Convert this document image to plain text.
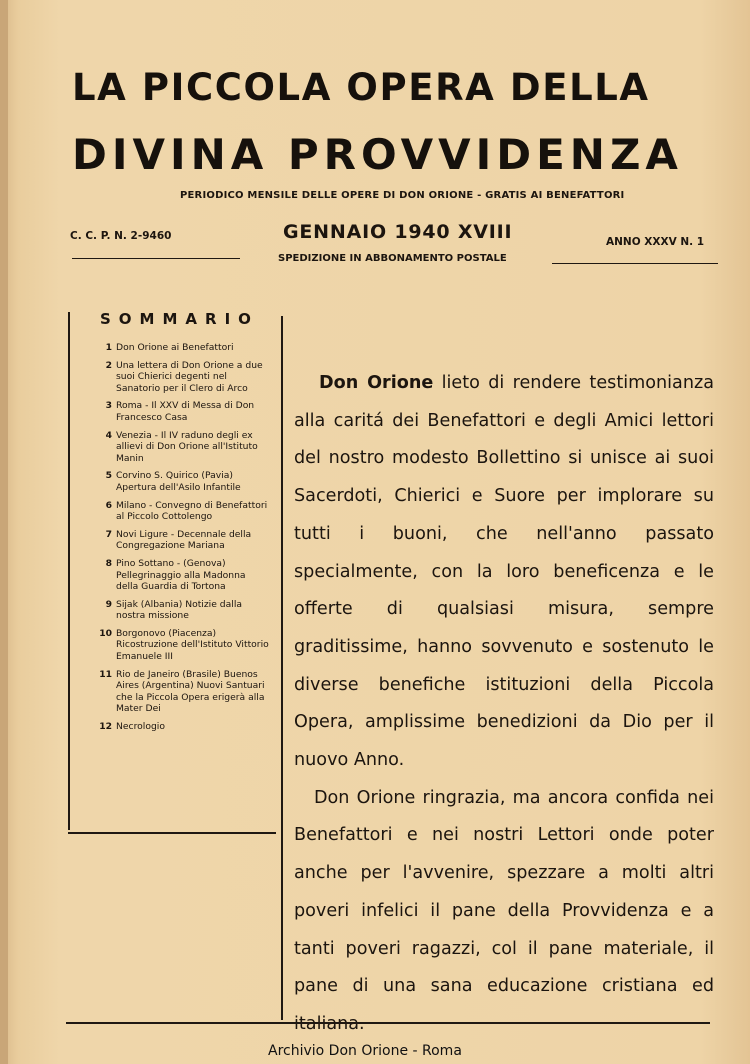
LA PICCOLA OPERA DELLA
DIVINA PROVVIDENZA
PERIODICO MENSILE DELLE OPERE DI DON ORIONE - GRATIS AI BENEFATTORI
C. C. P. N. 2-9460	GENNAIO 1940 XVIII
SPEDIZIONE IN ABBONAMENTO POSTALE
ANNO XXXV N. 1
SOMMARIO
1 Don Orione ai Benefattori
2 Una lettera di Don Orione a due suoi Chierici degenti nel Sanatorio per il Clero di Arco
3 Roma - Il XXV di Messa di Don Francesco Casa
4 Venezia - Il IV raduno degli ex allievi di Don Orione all'Istituto Manin
5 Corvino S. Quirico (Pavia) Apertura dell'Asilo Infantile
6 Milano - Convegno di Benefattori al Piccolo Cottolengo
7 Novi Ligure - Decennale della Congregazione Mariana
8 Pino Sottano - (Genova) Pellegrinaggio alla Madonna della Guardia di Tortona
9 Sijak (Albania) Notizie dalla nostra missione
10 Borgonovo (Piacenza) Ricostruzione dell'Istituto Vittorio Emanuele III
11 Rio de Janeiro (Brasile) Buenos Aires (Argentina) Nuovi Santuari che la Piccola Opera erigerà alla Mater Dei
12 Necrologio

Don Orione lieto di rendere testimonianza alla caritá dei Benefattori e degli Amici lettori del nostro modesto Bollettino si unisce ai suoi Sacerdoti, Chierici e Suore per implorare su tutti i buoni, che nell'anno passato specialmente, con la loro beneficenza e le offerte di qualsiasi misura, sempre graditissime, hanno sovvenuto e sostenuto le diverse benefiche istituzioni della Piccola Opera, amplissime benedizioni da Dio per il nuovo Anno.

Don Orione ringrazia, ma ancora confida nei Benefattori e nei nostri Lettori onde poter anche per l'avvenire, spezzare a molti altri poveri infelici il pane della Provvidenza e a tanti poveri ragazzi, col il pane materiale, il pane di una sana educazione cristiana ed

Archivio Don Orione - Roma
